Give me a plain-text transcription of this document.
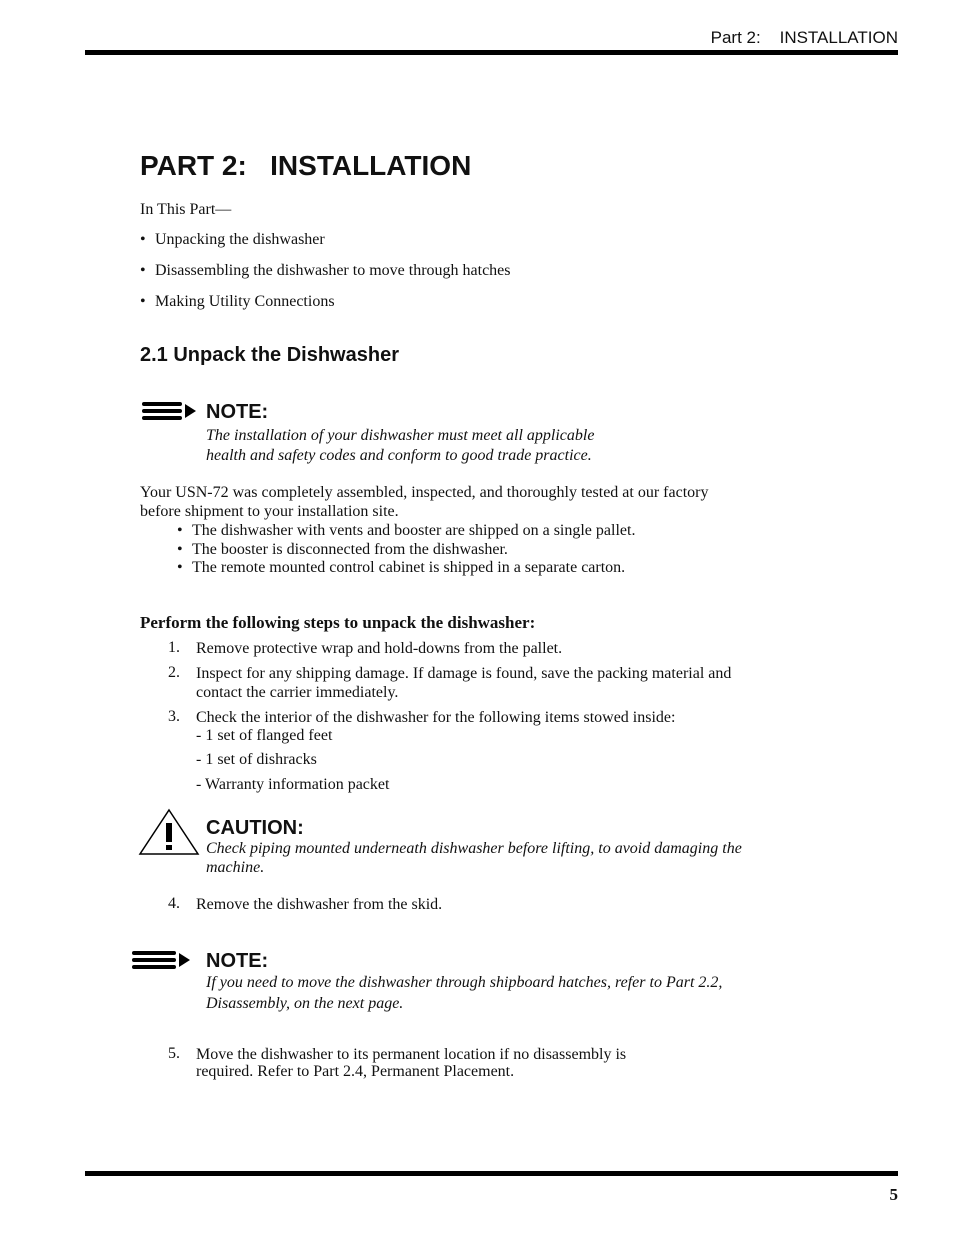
Part 2:    INSTALLATION
PART 2:   INSTALLATION
In This Part—
• Unpacking the dishwasher
• Disassembling the dishwasher to move through hatches
• Making Utility Connections
2.1 Unpack the Dishwasher
NOTE:
The installation of your dishwasher must meet all applicable
health and safety codes and conform to good trade practice.
Your USN-72 was completely assembled, inspected, and thoroughly tested at our factory
before shipment to your installation site.
• The dishwasher with vents and booster are shipped on a single pallet.
• The booster is disconnected from the dishwasher.
• The remote mounted control cabinet is shipped in a separate carton.
Perform the following steps to unpack the dishwasher:
1.	Remove protective wrap and hold-downs from the pallet.
2.	Inspect for any shipping damage. If damage is found, save the packing material and contact the carrier immediately.
3.	Check the interior of the dishwasher for the following items stowed inside:
- 1 set of flanged feet
- 1 set of dishracks
- Warranty information packet
CAUTION:
Check piping mounted underneath dishwasher before lifting, to avoid damaging the
machine.
4.	Remove the dishwasher from the skid.
NOTE:
If you need to move the dishwasher through shipboard hatches, refer to Part 2.2,
Disassembly, on the next page.
5.	Move the dishwasher to its permanent location if no disassembly is
required. Refer to Part 2.4, Permanent Placement.
5
